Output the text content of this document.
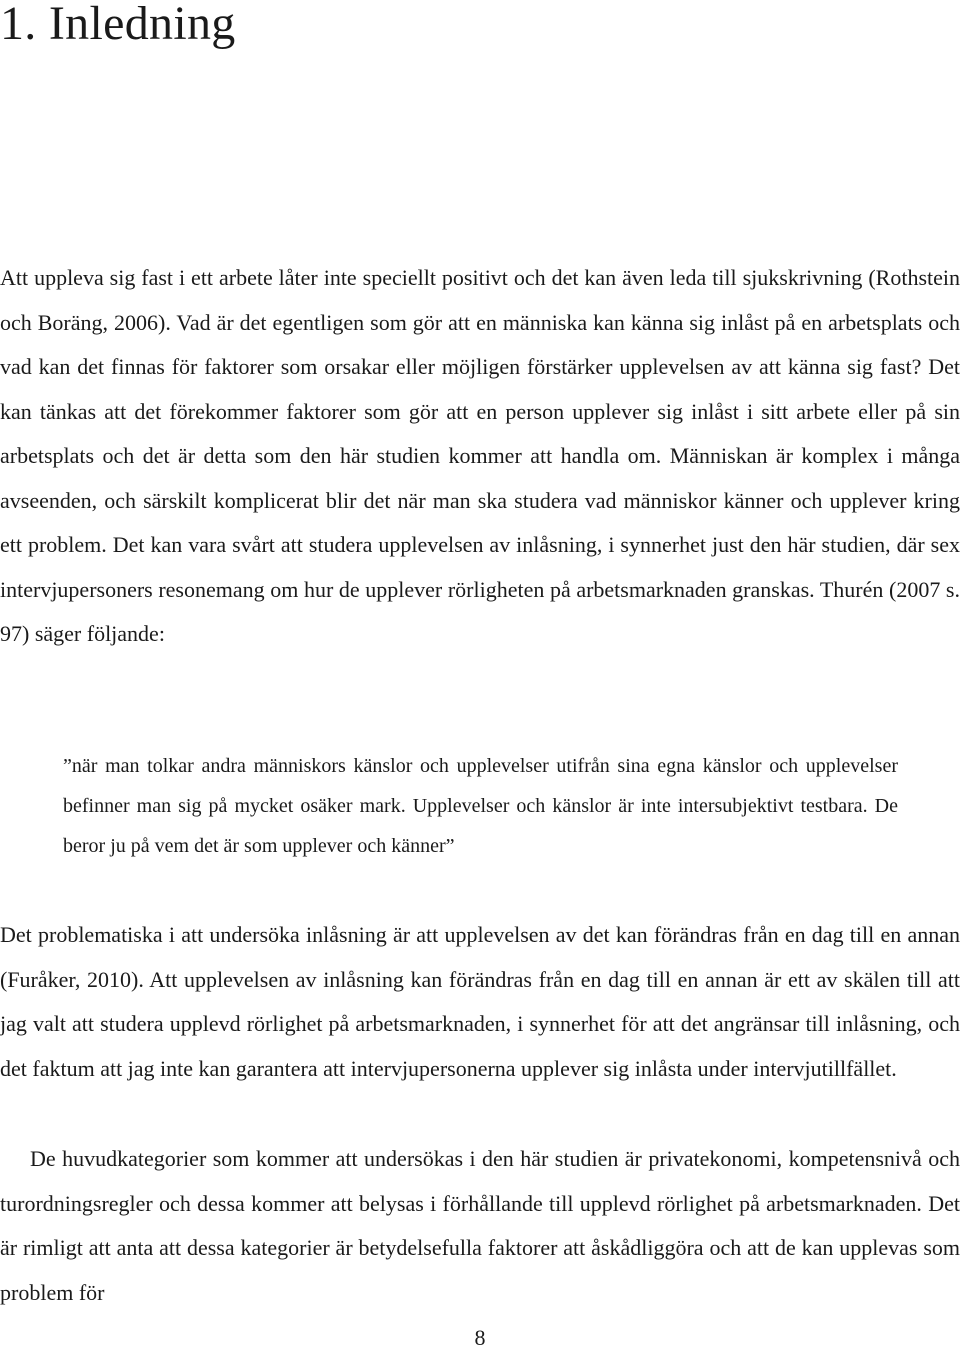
1. Inledning

Att uppleva sig fast i ett arbete låter inte speciellt positivt och det kan även leda till sjukskrivning (Rothstein och Boräng, 2006). Vad är det egentligen som gör att en människa kan känna sig inlåst på en arbetsplats och vad kan det finnas för faktorer som orsakar eller möjligen förstärker upplevelsen av att känna sig fast? Det kan tänkas att det förekommer faktorer som gör att en person upplever sig inlåst i sitt arbete eller på sin arbetsplats och det är detta som den här studien kommer att handla om. Människan är komplex i många avseenden, och särskilt komplicerat blir det när man ska studera vad människor känner och upplever kring ett problem. Det kan vara svårt att studera upplevelsen av inlåsning, i synnerhet just den här studien, där sex intervjupersoners resonemang om hur de upplever rörligheten på arbetsmarknaden granskas. Thurén (2007 s. 97) säger följande:

”när man tolkar andra människors känslor och upplevelser utifrån sina egna känslor och upplevelser befinner man sig på mycket osäker mark. Upplevelser och känslor är inte intersubjektivt testbara. De beror ju på vem det är som upplever och känner”

Det problematiska i att undersöka inlåsning är att upplevelsen av det kan förändras från en dag till en annan (Furåker, 2010). Att upplevelsen av inlåsning kan förändras från en dag till en annan är ett av skälen till att jag valt att studera upplevd rörlighet på arbetsmarknaden, i synnerhet för att det angränsar till inlåsning, och det faktum att jag inte kan garantera att intervjupersonerna upplever sig inlåsta under intervjutillfället.

De huvudkategorier som kommer att undersökas i den här studien är privatekonomi, kompetensnivå och turordningsregler och dessa kommer att belysas i förhållande till upplevd rörlighet på arbetsmarknaden. Det är rimligt att anta att dessa kategorier är betydelsefulla faktorer att åskådliggöra och att de kan upplevas som problem för

8
